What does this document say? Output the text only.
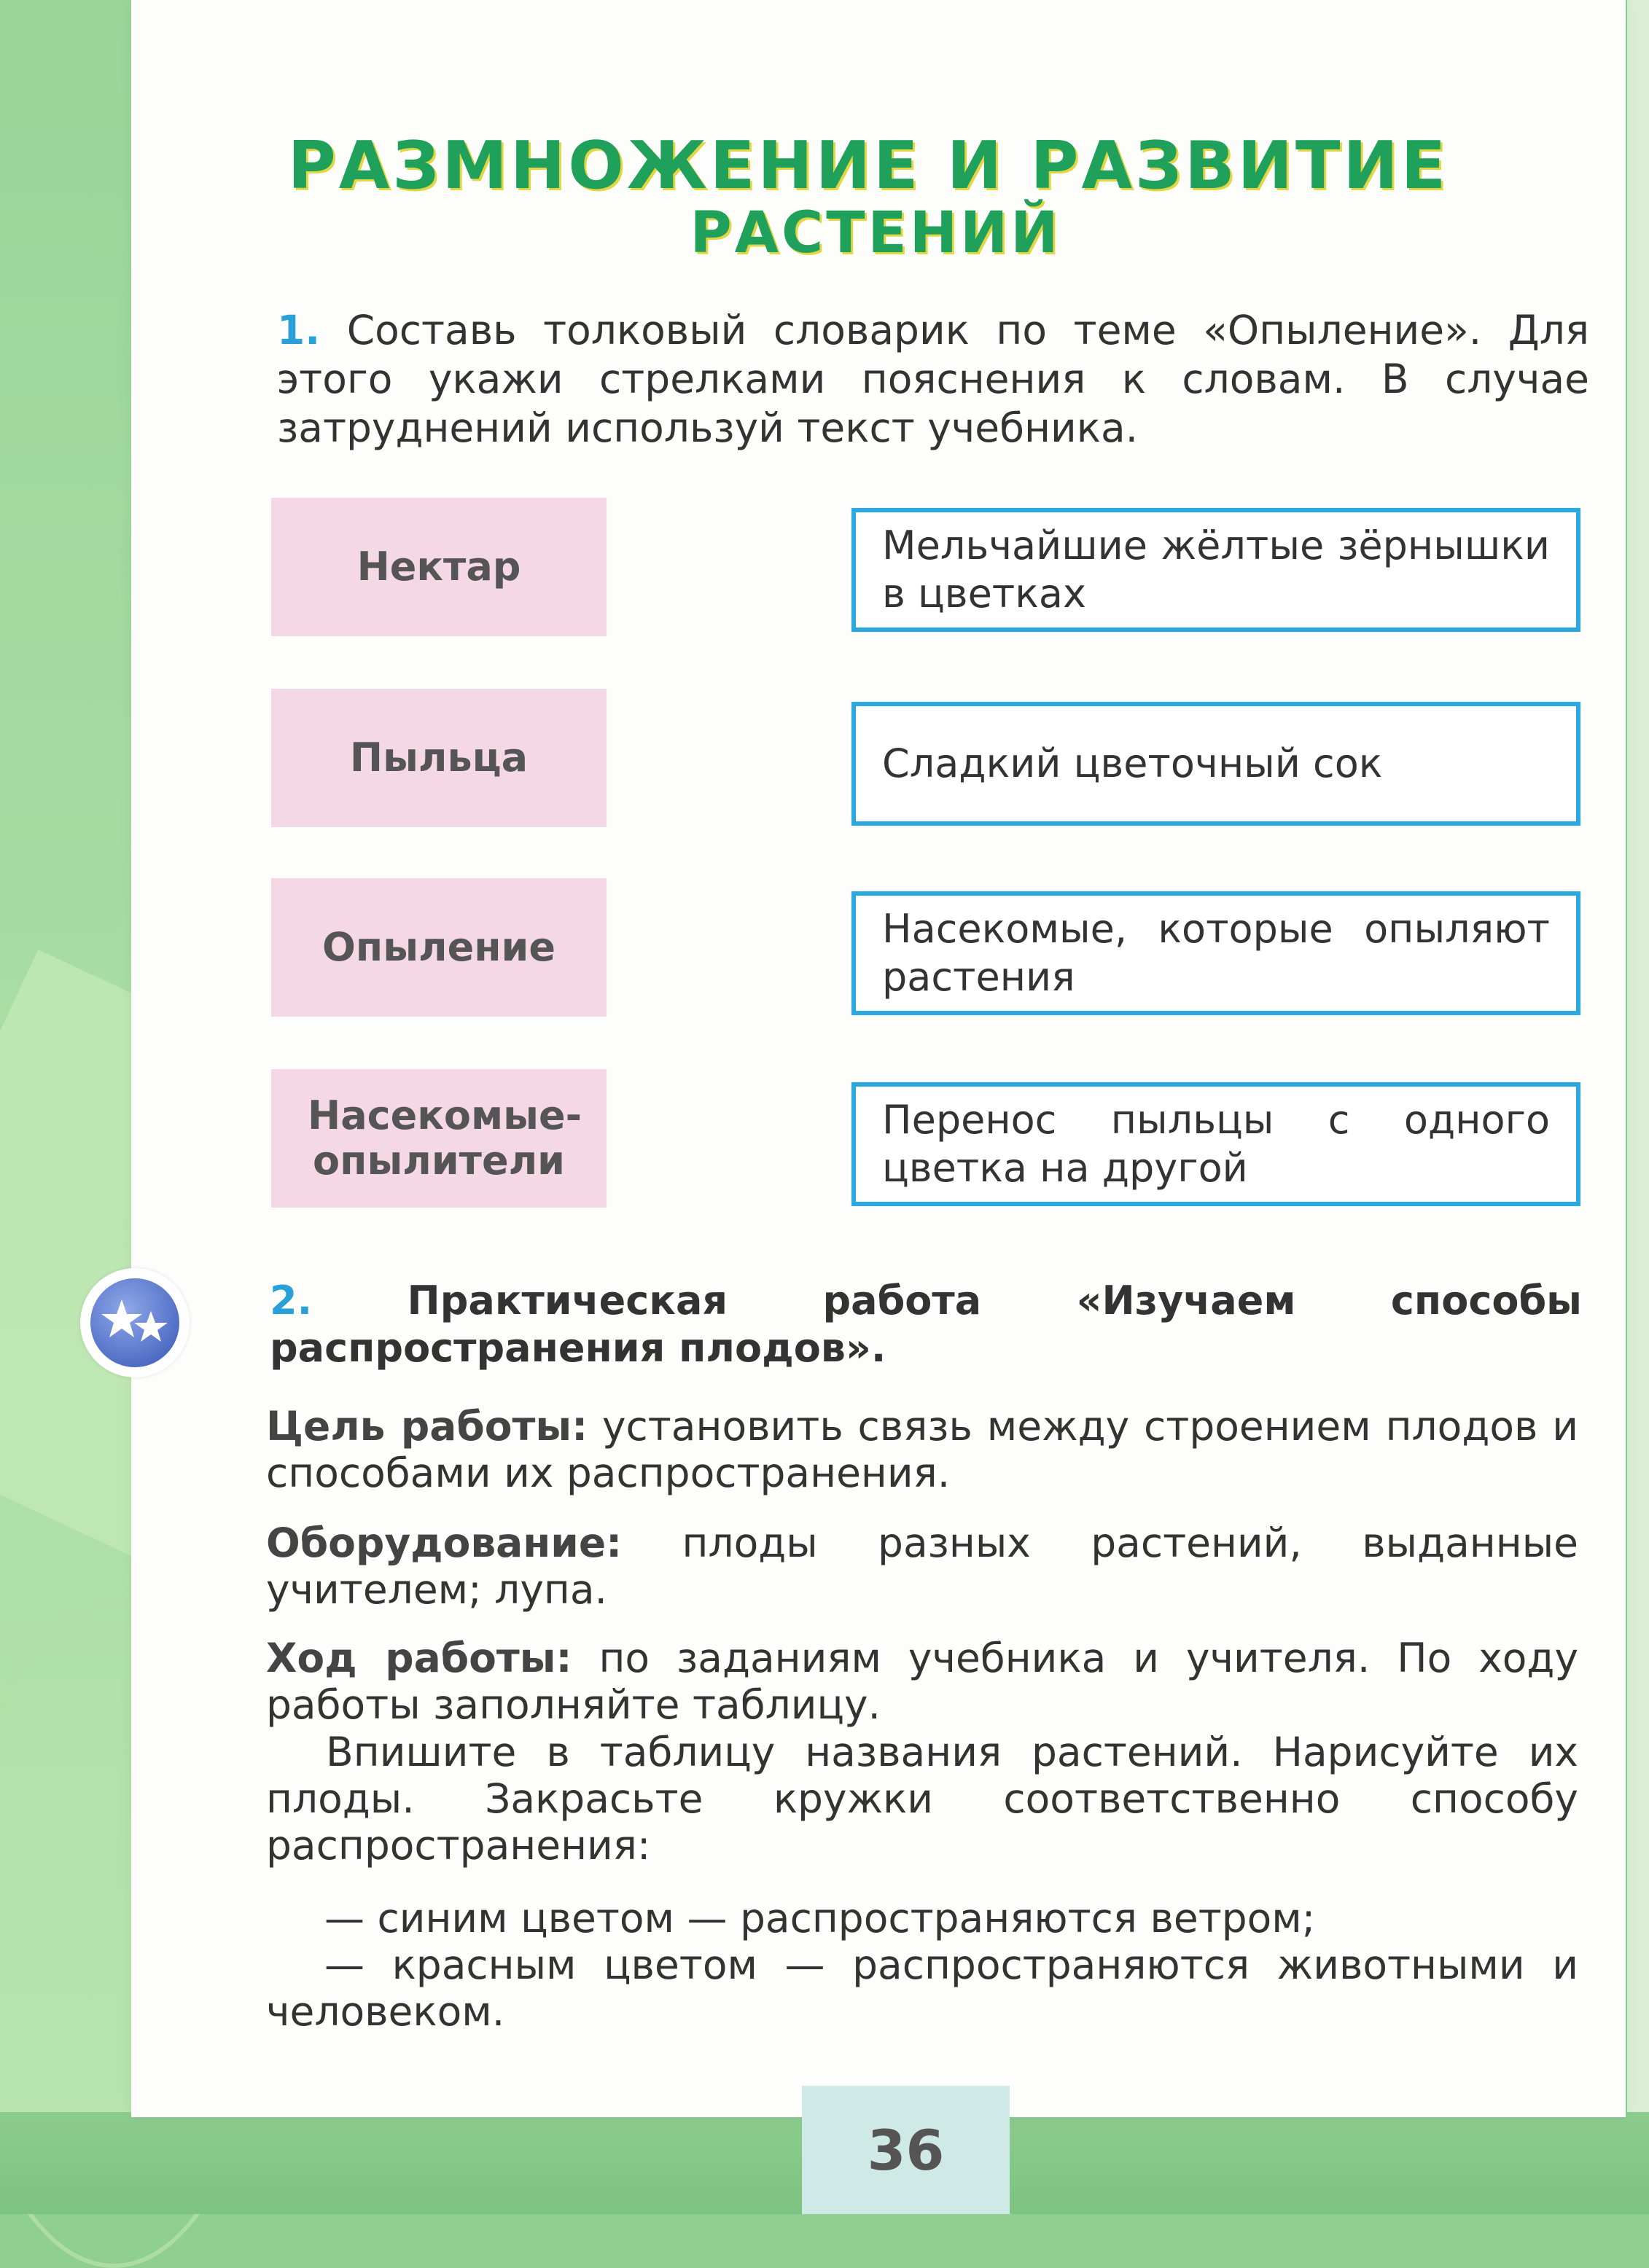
РАЗМНОЖЕНИЕ И РАЗВИТИЕ
РАСТЕНИЙ
1. Составь толковый словарик по теме «Опыление». Для этого укажи стрелками пояснения к словам. В случае затруднений используй текст учебника.
Нектар
Пыльца
Опыление
Насекомые-опылители
Мельчайшие жёлтые зёрнышки в цветках
Сладкий цветочный сок
Насекомые, которые опыляют растения
Перенос пыльцы с одного цветка на другой
2. Практическая работа «Изучаем способы распространения плодов».
Цель работы: установить связь между строением плодов и способами их распространения.
Оборудование: плоды разных растений, выданные учителем; лупа.
Ход работы: по заданиям учебника и учителя. По ходу работы заполняйте таблицу.
Впишите в таблицу названия растений. Нарисуйте их плоды. Закрасьте кружки соответственно способу распространения:
— синим цветом — распространяются ветром;
— красным цветом — распространяются животными и человеком.
36
